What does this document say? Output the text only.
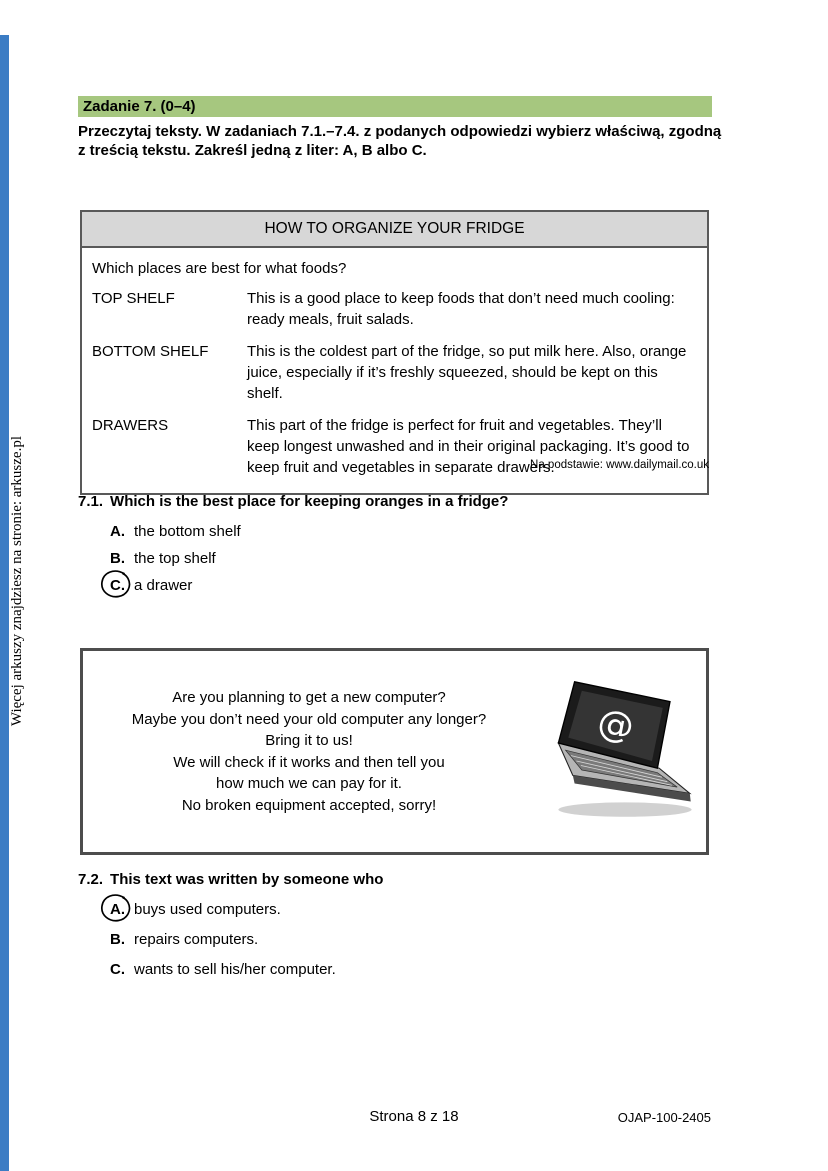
Więcej arkuszy znajdziesz na stronie: arkusze.pl
Zadanie 7. (0–4)
Przeczytaj teksty. W zadaniach 7.1.–7.4. z podanych odpowiedzi wybierz właściwą, zgodną z treścią tekstu. Zakreśl jedną z liter: A, B albo C.
HOW TO ORGANIZE YOUR FRIDGE

Which places are best for what foods?

TOP SHELF	This is a good place to keep foods that don’t need much cooling: ready meals, fruit salads.
BOTTOM SHELF	This is the coldest part of the fridge, so put milk here. Also, orange juice, especially if it’s freshly squeezed, should be kept on this shelf.
DRAWERS	This part of the fridge is perfect for fruit and vegetables. They’ll keep longest unwashed and in their original packaging. It’s good to keep fruit and vegetables in separate drawers.
Na podstawie: www.dailymail.co.uk
7.1. Which is the best place for keeping oranges in a fridge?
A. the bottom shelf
B. the top shelf
C. a drawer
Are you planning to get a new computer?
Maybe you don’t need your old computer any longer?
Bring it to us!
We will check if it works and then tell you
how much we can pay for it.
No broken equipment accepted, sorry!
@
7.2. This text was written by someone who
A. buys used computers.
B. repairs computers.
C. wants to sell his/her computer.
Strona 8 z 18	OJAP-100-2405
